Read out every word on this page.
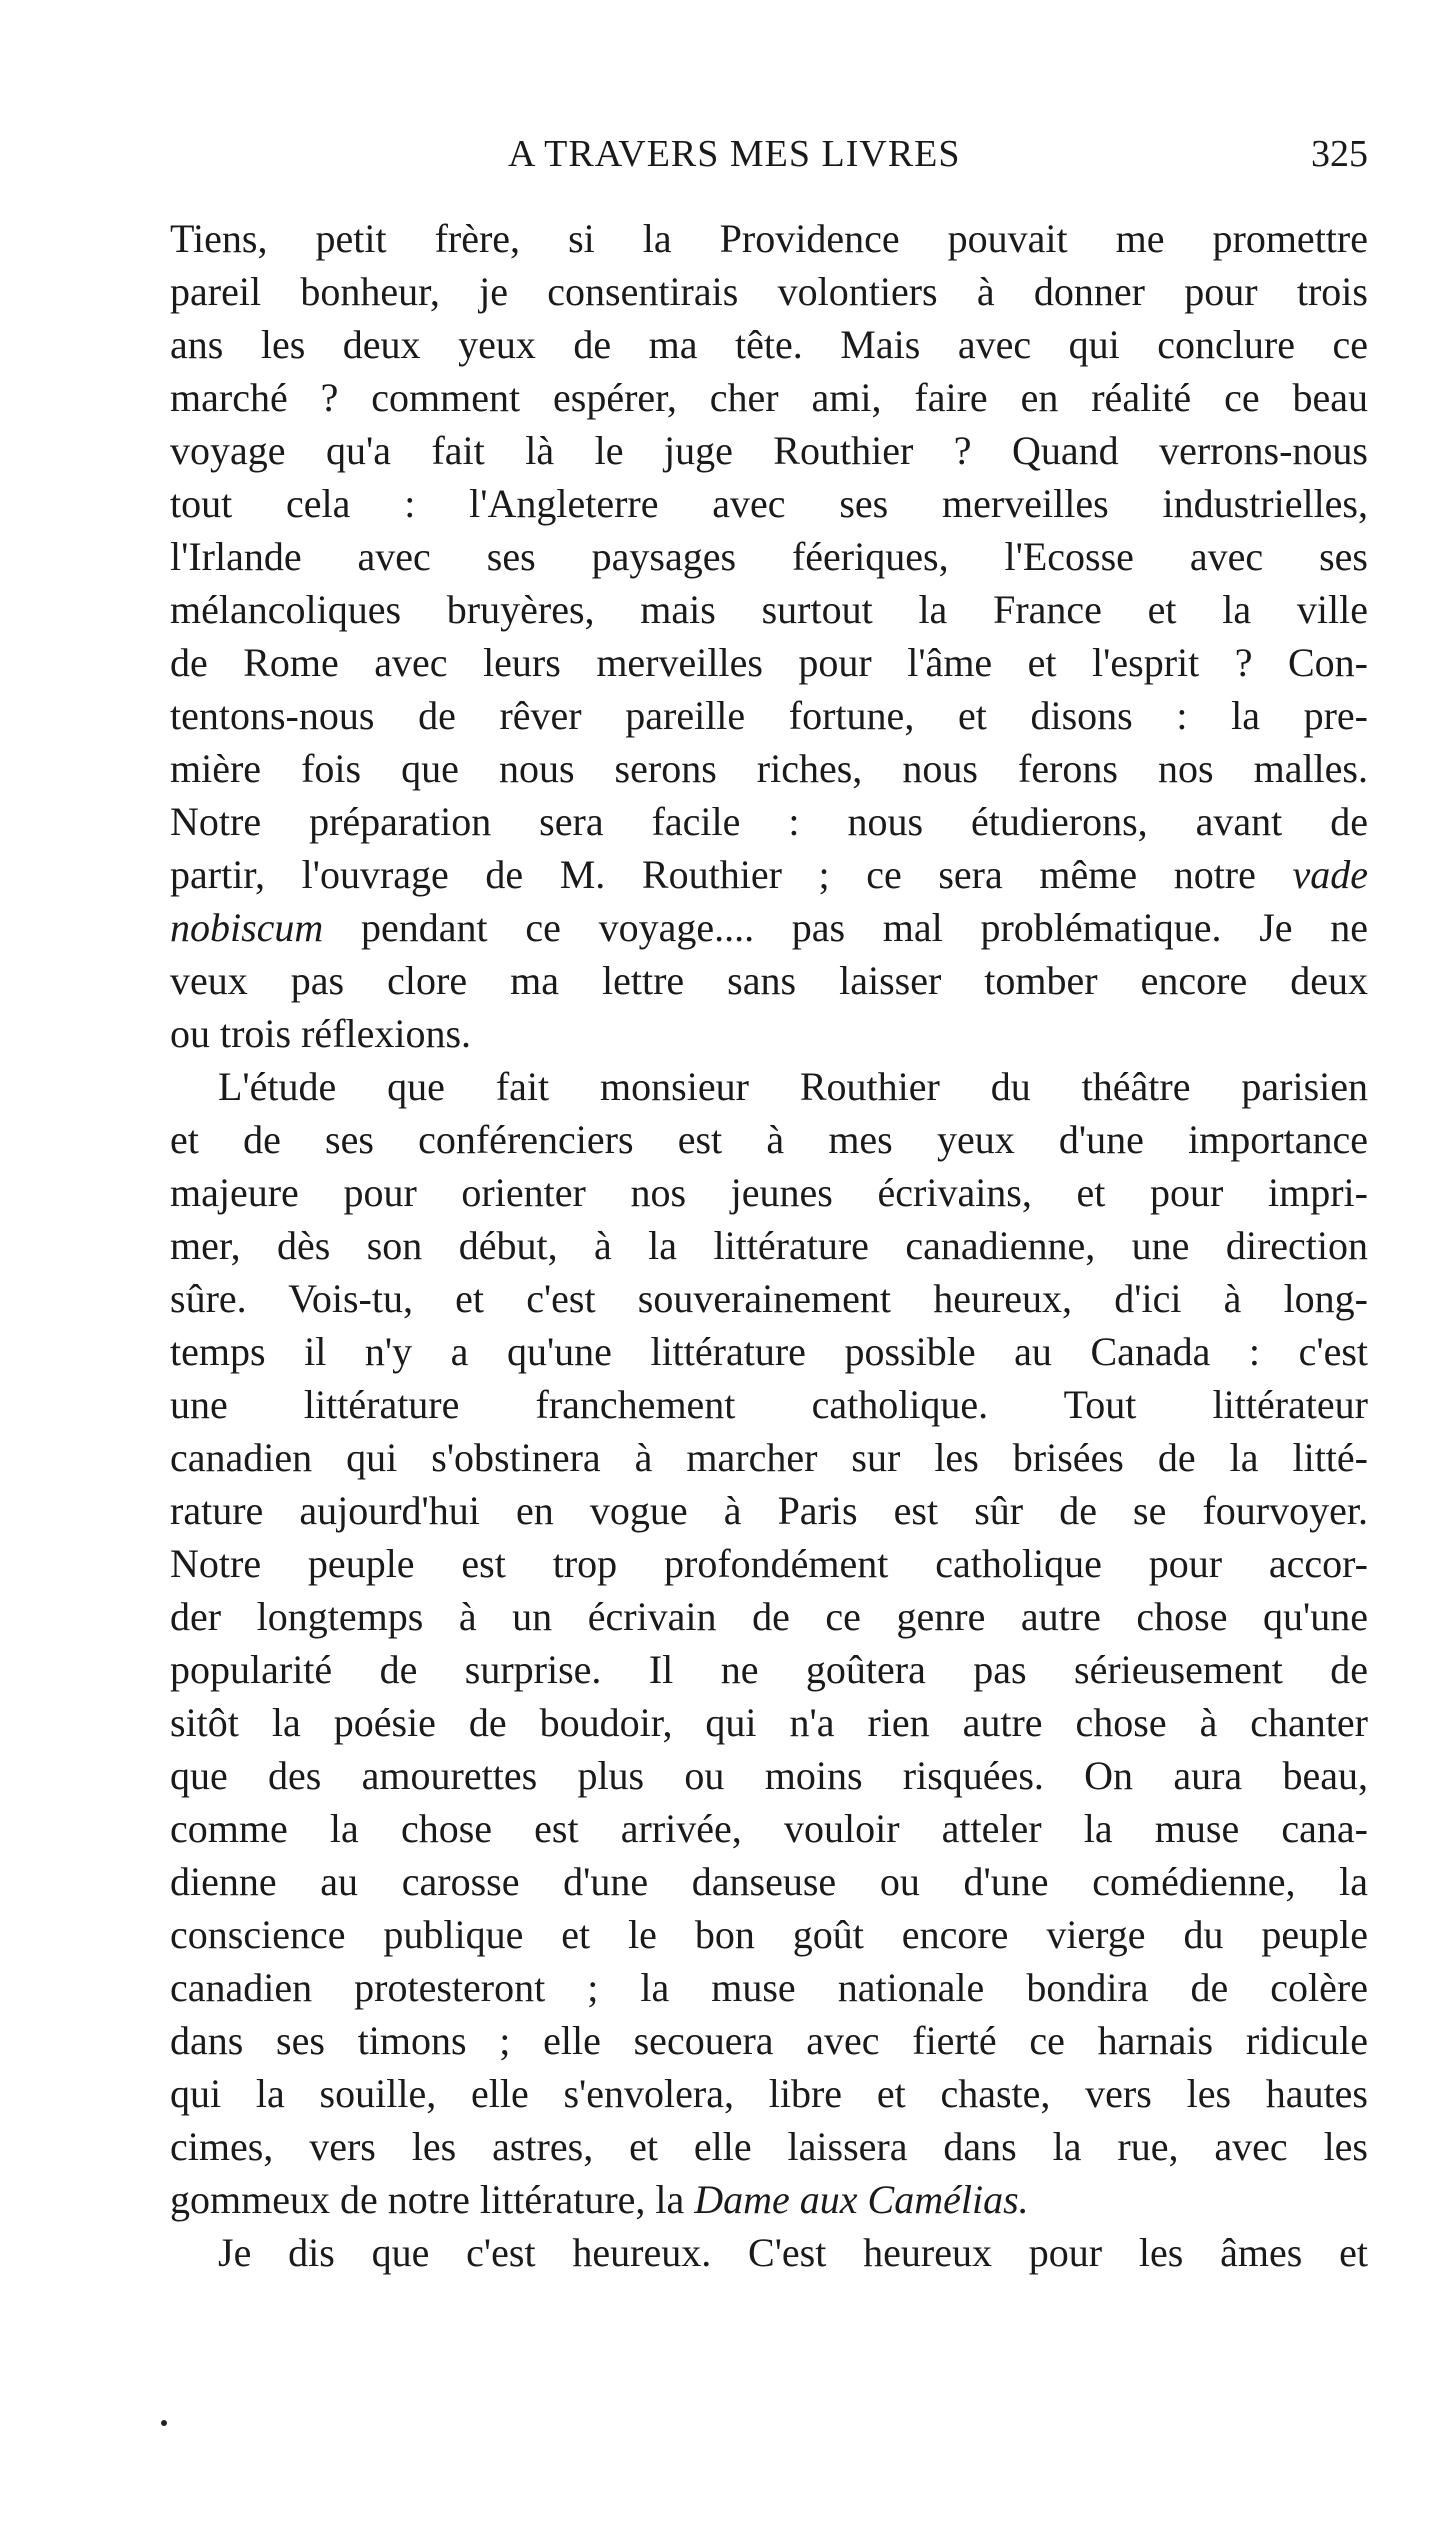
A TRAVERS MES LIVRES	325
Tiens, petit frère, si la Providence pouvait me promettre
pareil bonheur, je consentirais volontiers à donner pour trois
ans les deux yeux de ma tête. Mais avec qui conclure ce
marché ? comment espérer, cher ami, faire en réalité ce beau
voyage qu'a fait là le juge Routhier ? Quand verrons-nous
tout cela : l'Angleterre avec ses merveilles industrielles,
l'Irlande avec ses paysages féeriques, l'Ecosse avec ses
mélancoliques bruyères, mais surtout la France et la ville
de Rome avec leurs merveilles pour l'âme et l'esprit ? Con-
tentons-nous de rêver pareille fortune, et disons : la pre-
mière fois que nous serons riches, nous ferons nos malles.
Notre préparation sera facile : nous étudierons, avant de
partir, l'ouvrage de M. Routhier ; ce sera même notre vade
nobiscum pendant ce voyage.... pas mal problématique. Je ne
veux pas clore ma lettre sans laisser tomber encore deux
ou trois réflexions.
L'étude que fait monsieur Routhier du théâtre parisien
et de ses conférenciers est à mes yeux d'une importance
majeure pour orienter nos jeunes écrivains, et pour impri-
mer, dès son début, à la littérature canadienne, une direction
sûre. Vois-tu, et c'est souverainement heureux, d'ici à long-
temps il n'y a qu'une littérature possible au Canada : c'est
une littérature franchement catholique. Tout littérateur
canadien qui s'obstinera à marcher sur les brisées de la litté-
rature aujourd'hui en vogue à Paris est sûr de se fourvoyer.
Notre peuple est trop profondément catholique pour accor-
der longtemps à un écrivain de ce genre autre chose qu'une
popularité de surprise. Il ne goûtera pas sérieusement de
sitôt la poésie de boudoir, qui n'a rien autre chose à chanter
que des amourettes plus ou moins risquées. On aura beau,
comme la chose est arrivée, vouloir atteler la muse cana-
dienne au carosse d'une danseuse ou d'une comédienne, la
conscience publique et le bon goût encore vierge du peuple
canadien protesteront ; la muse nationale bondira de colère
dans ses timons ; elle secouera avec fierté ce harnais ridicule
qui la souille, elle s'envolera, libre et chaste, vers les hautes
cimes, vers les astres, et elle laissera dans la rue, avec les
gommeux de notre littérature, la Dame aux Camélias.
Je dis que c'est heureux. C'est heureux pour les âmes et
